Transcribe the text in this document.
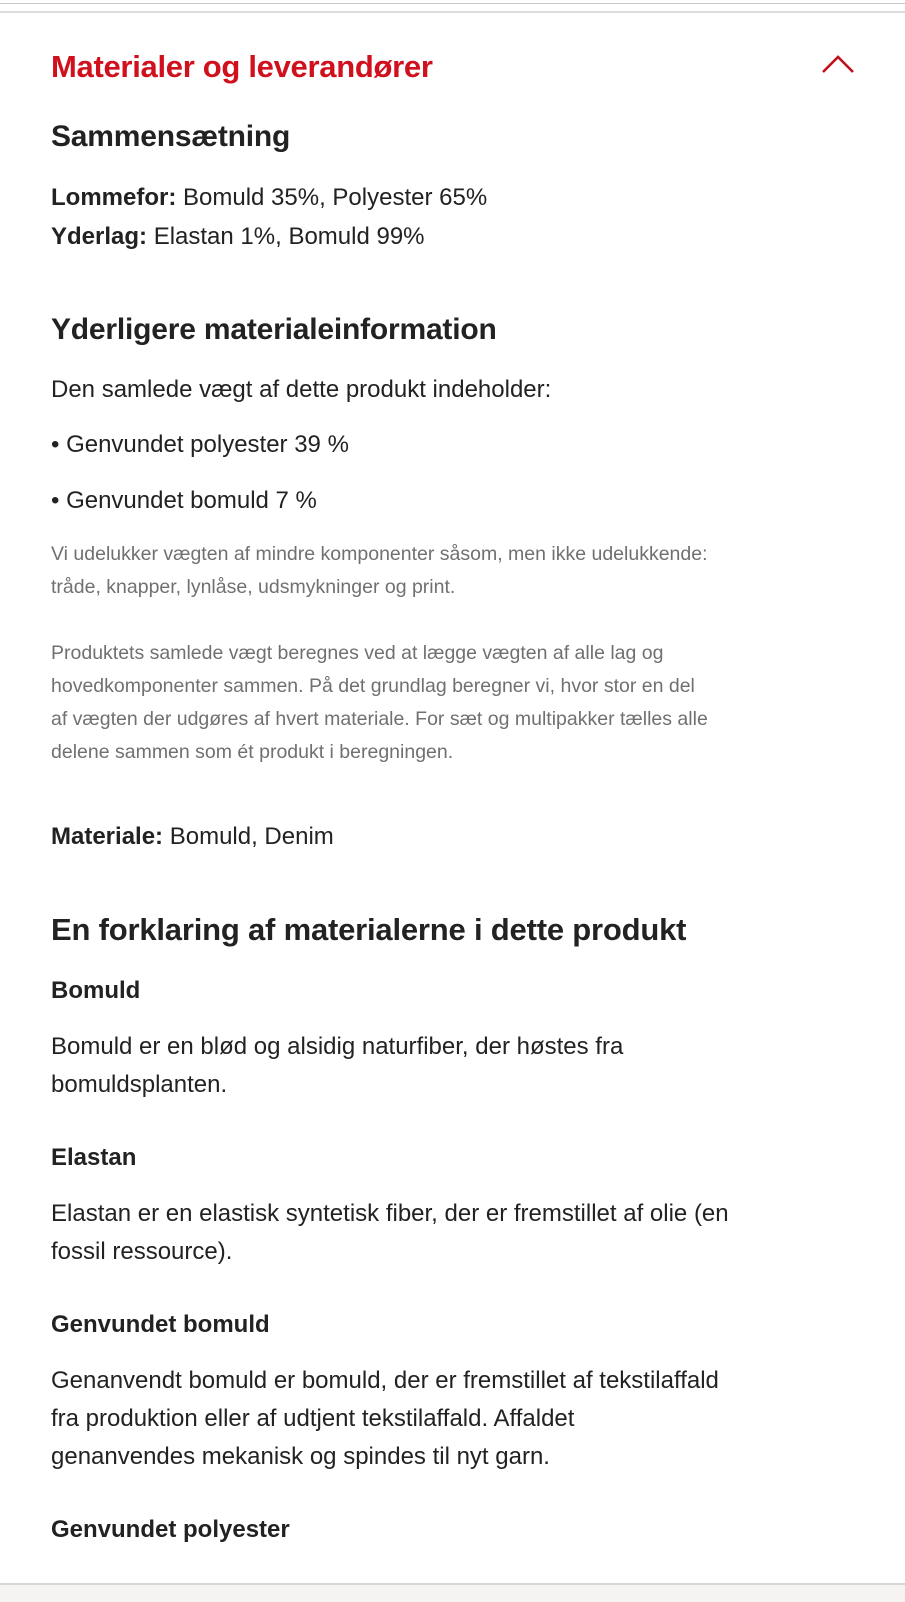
Materialer og leverandører
Sammensætning
Lommefor: Bomuld 35%, Polyester 65%
Yderlag: Elastan 1%, Bomuld 99%
Yderligere materialeinformation
Den samlede vægt af dette produkt indeholder:
• Genvundet polyester 39 %
• Genvundet bomuld 7 %
Vi udelukker vægten af mindre komponenter såsom, men ikke udelukkende:
tråde, knapper, lynlåse, udsmykninger og print.
Produktets samlede vægt beregnes ved at lægge vægten af alle lag og
hovedkomponenter sammen. På det grundlag beregner vi, hvor stor en del
af vægten der udgøres af hvert materiale. For sæt og multipakker tælles alle
delene sammen som ét produkt i beregningen.
Materiale: Bomuld, Denim
En forklaring af materialerne i dette produkt
Bomuld
Bomuld er en blød og alsidig naturfiber, der høstes fra
bomuldsplanten.
Elastan
Elastan er en elastisk syntetisk fiber, der er fremstillet af olie (en
fossil ressource).
Genvundet bomuld
Genanvendt bomuld er bomuld, der er fremstillet af tekstilaffald
fra produktion eller af udtjent tekstilaffald. Affaldet
genanvendes mekanisk og spindes til nyt garn.
Genvundet polyester
